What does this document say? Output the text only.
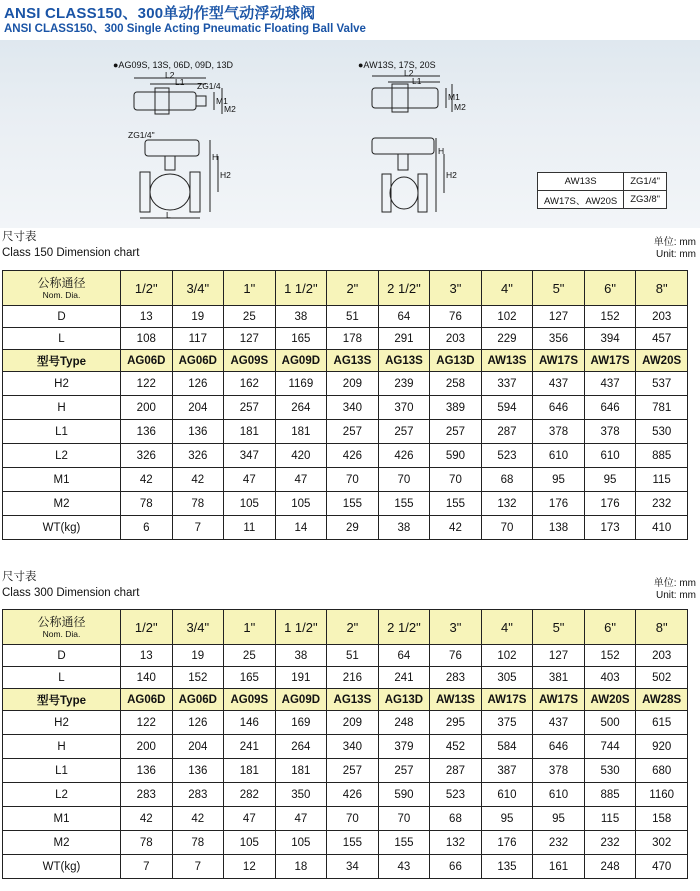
ANSI CLASS150、300单动作型气动浮动球阀
ANSI CLASS150、300 Single Acting Pneumatic Floating Ball Valve
●AG09S, 13S, 06D, 09D, 13D	●AW13S, 17S, 20S
L2
L1 ZG1/4
M1
M2
ZG1/4"
H
H2
L
L2
L1
M1
M2
H
H2
AW13S	ZG1/4"
AW17S、AW20S	ZG3/8"
尺寸表
Class 150 Dimension chart
单位: mm
Unit: mm
公称通径
Nom. Dia.	1/2"	3/4"	1"	1 1/2"	2"	2 1/2"	3"	4"	5"	6"	8"
D	13	19	25	38	51	64	76	102	127	152	203
L	108	117	127	165	178	291	203	229	356	394	457
型号Type	AG06D	AG06D	AG09S	AG09D	AG13S	AG13S	AG13D	AW13S	AW17S	AW17S	AW20S
H2	122	126	162	1169	209	239	258	337	437	437	537
H	200	204	257	264	340	370	389	594	646	646	781
L1	136	136	181	181	257	257	257	287	378	378	530
L2	326	326	347	420	426	426	590	523	610	610	885
M1	42	42	47	47	70	70	70	68	95	95	115
M2	78	78	105	105	155	155	155	132	176	176	232
WT(kg)	6	7	11	14	29	38	42	70	138	173	410
尺寸表
Class 300 Dimension chart
单位: mm
Unit: mm
公称通径
Nom. Dia.	1/2"	3/4"	1"	1 1/2"	2"	2 1/2"	3"	4"	5"	6"	8"
D	13	19	25	38	51	64	76	102	127	152	203
L	140	152	165	191	216	241	283	305	381	403	502
型号Type	AG06D	AG06D	AG09S	AG09D	AG13S	AG13D	AW13S	AW17S	AW17S	AW20S	AW28S
H2	122	126	146	169	209	248	295	375	437	500	615
H	200	204	241	264	340	379	452	584	646	744	920
L1	136	136	181	181	257	257	287	387	378	530	680
L2	283	283	282	350	426	590	523	610	610	885	1160
M1	42	42	47	47	70	70	68	95	95	115	158
M2	78	78	105	105	155	155	132	176	232	232	302
WT(kg)	7	7	12	18	34	43	66	135	161	248	470
